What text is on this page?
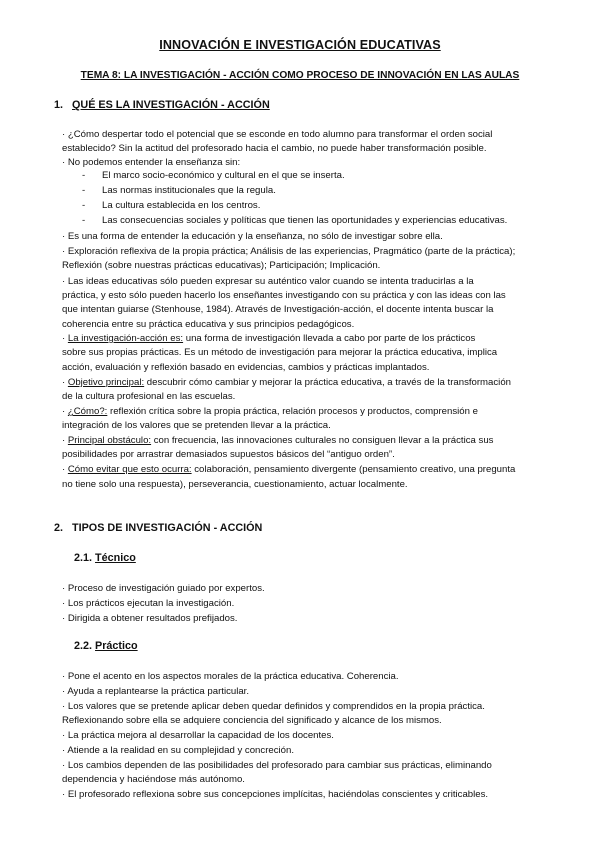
INNOVACIÓN E INVESTIGACIÓN EDUCATIVAS
TEMA 8: LA INVESTIGACIÓN - ACCIÓN COMO PROCESO DE INNOVACIÓN EN LAS AULAS
1. QUÉ ES LA INVESTIGACIÓN - ACCIÓN
· ¿Cómo despertar todo el potencial que se esconde en todo alumno para transformar el orden social
establecido? Sin la actitud del profesorado hacia el cambio, no puede haber transformación posible.
· No podemos entender la enseñanza sin:
- El marco socio-económico y cultural en el que se inserta.
- Las normas institucionales que la regula.
- La cultura establecida en los centros.
- Las consecuencias sociales y políticas que tienen las oportunidades y experiencias educativas.
· Es una forma de entender la educación y la enseñanza, no sólo de investigar sobre ella.
· Exploración reflexiva de la propia práctica; Análisis de las experiencias, Pragmático (parte de la práctica);
Reflexión (sobre nuestras prácticas educativas); Participación; Implicación.
· Las ideas educativas sólo pueden expresar su auténtico valor cuando se intenta traducirlas a la
práctica, y esto sólo pueden hacerlo los enseñantes investigando con su práctica y con las ideas con las
que intentan guiarse (Stenhouse, 1984). Através de Investigación-acción, el docente intenta buscar la
coherencia entre su práctica educativa y sus principios pedagógicos.
· La investigación-acción es: una forma de investigación llevada a cabo por parte de los prácticos
sobre sus propias prácticas. Es un método de investigación para mejorar la práctica educativa, implica
acción, evaluación y reflexión basado en evidencias, cambios y prácticas implantados.
· Objetivo principal: descubrir cómo cambiar y mejorar la práctica educativa, a través de la transformación
de la cultura profesional en las escuelas.
· ¿Cómo?: reflexión crítica sobre la propia práctica, relación procesos y productos, comprensión e
integración de los valores que se pretenden llevar a la práctica.
· Principal obstáculo: con frecuencia, las innovaciones culturales no consiguen llevar a la práctica sus
posibilidades por arrastrar demasiados supuestos básicos del “antiguo orden”.
· Cómo evitar que esto ocurra: colaboración, pensamiento divergente (pensamiento creativo, una pregunta
no tiene solo una respuesta), perseverancia, cuestionamiento, actuar localmente.
2. TIPOS DE INVESTIGACIÓN - ACCIÓN
2.1. Técnico
· Proceso de investigación guiado por expertos.
· Los prácticos ejecutan la investigación.
· Dirigida a obtener resultados prefijados.
2.2. Práctico
· Pone el acento en los aspectos morales de la práctica educativa. Coherencia.
· Ayuda a replantearse la práctica particular.
· Los valores que se pretende aplicar deben quedar definidos y comprendidos en la propia práctica.
Reflexionando sobre ella se adquiere conciencia del significado y alcance de los mismos.
· La práctica mejora al desarrollar la capacidad de los docentes.
· Atiende a la realidad en su complejidad y concreción.
· Los cambios dependen de las posibilidades del profesorado para cambiar sus prácticas, eliminando
dependencia y haciéndose más autónomo.
· El profesorado reflexiona sobre sus concepciones implícitas, haciéndolas conscientes y criticables.
